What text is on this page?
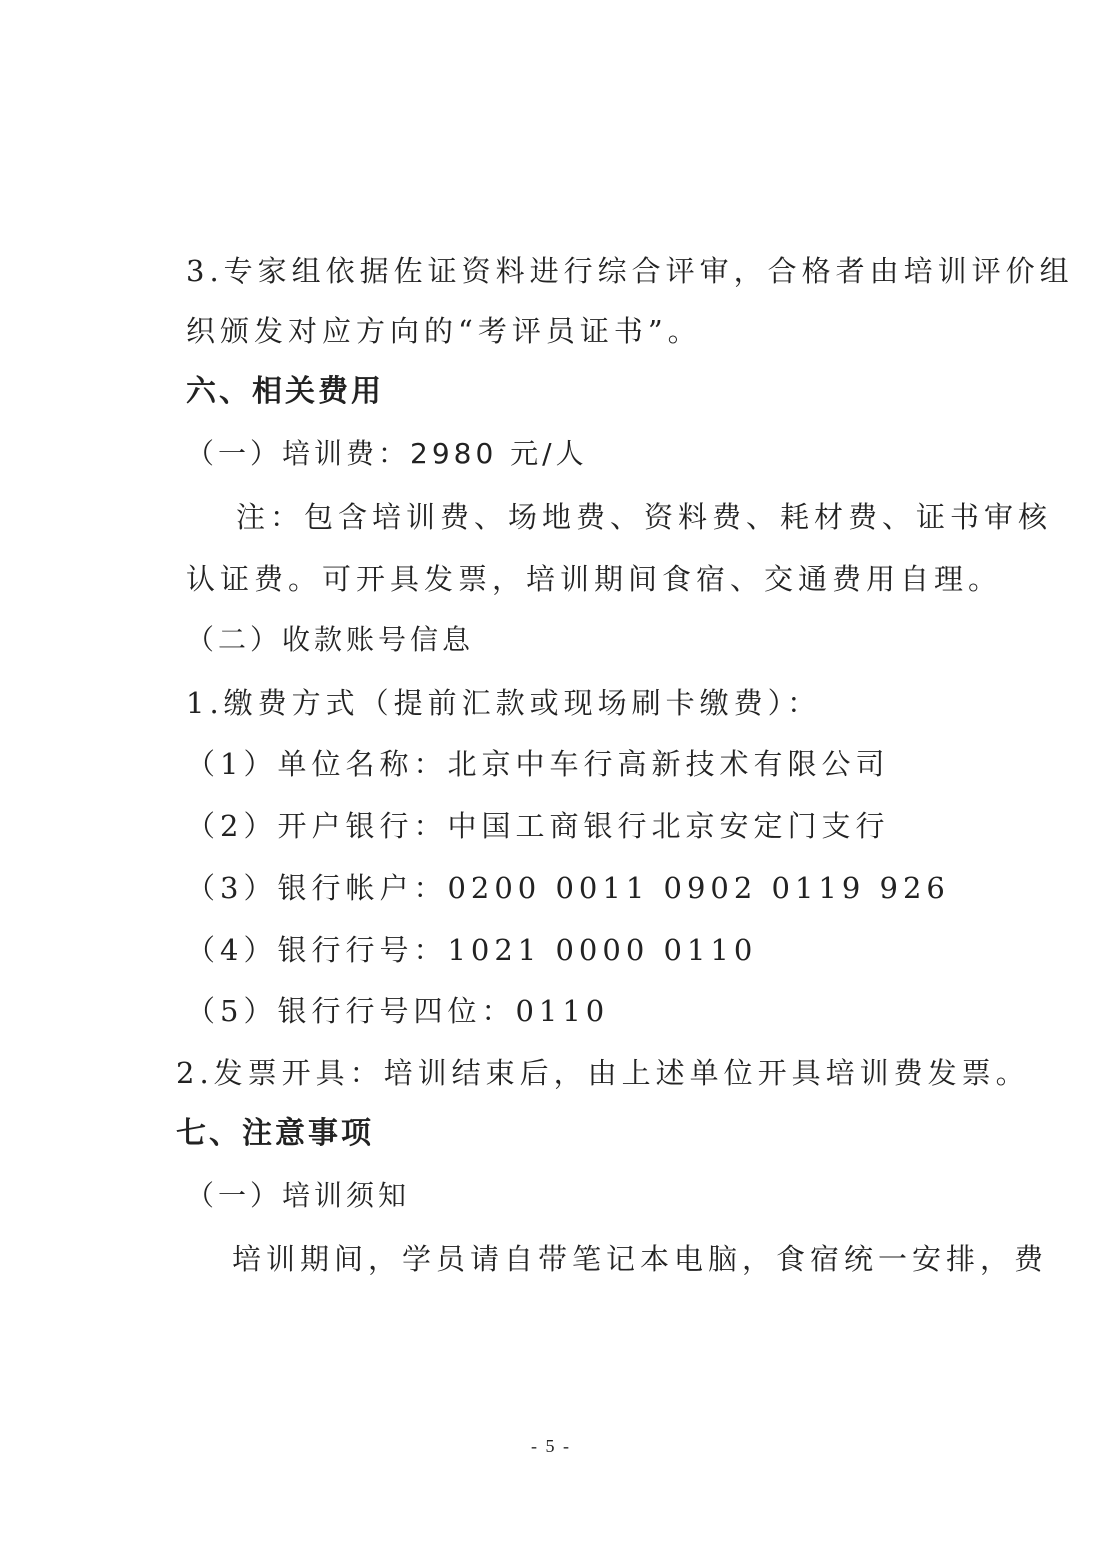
3.专家组依据佐证资料进行综合评审，合格者由培训评价组
织颁发对应方向的“考评员证书”。
六、相关费用
（一）培训费：2980 元/人
注：包含培训费、场地费、资料费、耗材费、证书审核
认证费。可开具发票，培训期间食宿、交通费用自理。
（二）收款账号信息
1.缴费方式（提前汇款或现场刷卡缴费）：
（1）单位名称：北京中车行高新技术有限公司
（2）开户银行：中国工商银行北京安定门支行
（3）银行帐户：0200 0011 0902 0119 926
（4）银行行号：1021 0000 0110
（5）银行行号四位：0110
2.发票开具：培训结束后，由上述单位开具培训费发票。
七、注意事项
（一）培训须知
培训期间，学员请自带笔记本电脑，食宿统一安排，费
- 5 -
